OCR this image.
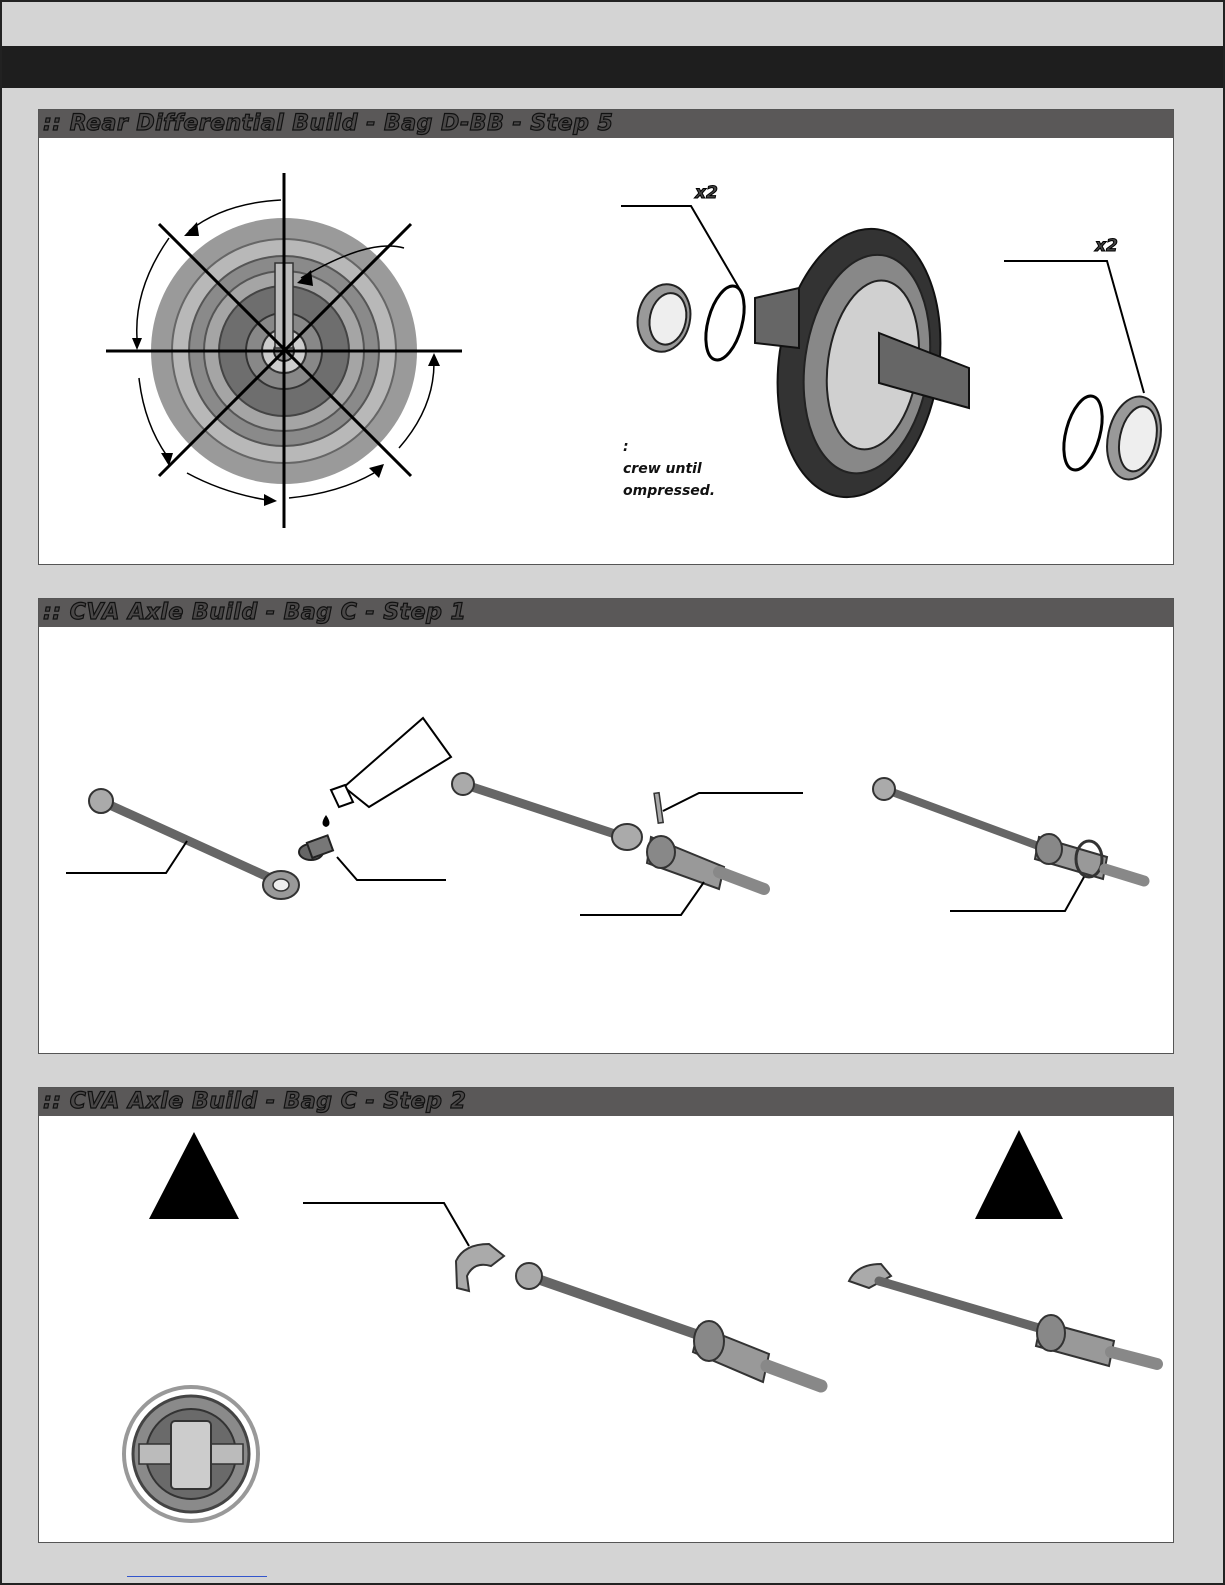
:: Rear Differential Build - Bag D-BB - Step 5
x2
x2
:
crew until
ompressed.
:: CVA Axle Build - Bag C - Step 1
:: CVA Axle Build - Bag C - Step 2
